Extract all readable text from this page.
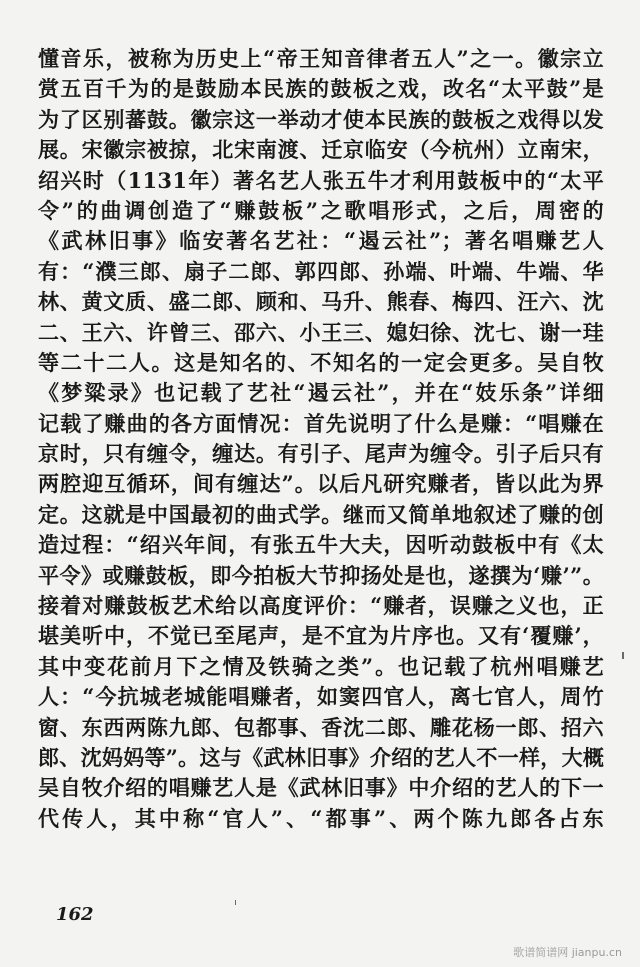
懂音乐，被称为历史上“帝王知音律者五人”之一。徽宗立
赏五百千为的是鼓励本民族的鼓板之戏，改名“太平鼓”是
为了区别蕃鼓。徽宗这一举动才使本民族的鼓板之戏得以发
展。宋徽宗被掠，北宋南渡、迁京临安（今杭州）立南宋，
绍兴时（1131年）著名艺人张五牛才利用鼓板中的“太平
令”的曲调创造了“赚鼓板”之歌唱形式，之后，周密的
《武林旧事》临安著名艺社：“遏云社”；著名唱赚艺人
有：“濮三郎、扇子二郎、郭四郎、孙端、叶端、牛端、华
林、黄文质、盛二郎、顾和、马升、熊春、梅四、汪六、沈
二、王六、许曾三、邵六、小王三、媳妇徐、沈七、谢一珪
等二十二人。这是知名的、不知名的一定会更多。吴自牧
《梦粱录》也记载了艺社“遏云社”，并在“妓乐条”详细
记载了赚曲的各方面情况：首先说明了什么是赚：“唱赚在
京时，只有缠令，缠达。有引子、尾声为缠令。引子后只有
两腔迎互循环，间有缠达”。以后凡研究赚者，皆以此为界
定。这就是中国最初的曲式学。继而又简单地叙述了赚的创
造过程：“绍兴年间，有张五牛大夫，因听动鼓板中有《太
平令》或赚鼓板，即今拍板大节抑扬处是也，遂撰为‘赚’”。
接着对赚鼓板艺术给以高度评价：“赚者，误赚之义也，正
堪美听中，不觉已至尾声，是不宜为片序也。又有‘覆赚’，
其中变花前月下之情及铁骑之类”。也记载了杭州唱赚艺
人：“今抗城老城能唱赚者，如窦四官人，离七官人，周竹
窗、东西两陈九郎、包都事、香沈二郎、雕花杨一郎、招六
郎、沈妈妈等”。这与《武林旧事》介绍的艺人不一样，大概
吴自牧介绍的唱赚艺人是《武林旧事》中介绍的艺人的下一
代传人，其中称“官人”、“都事”、两个陈九郎各占东
162
歌谱简谱网 jianpu.cn
